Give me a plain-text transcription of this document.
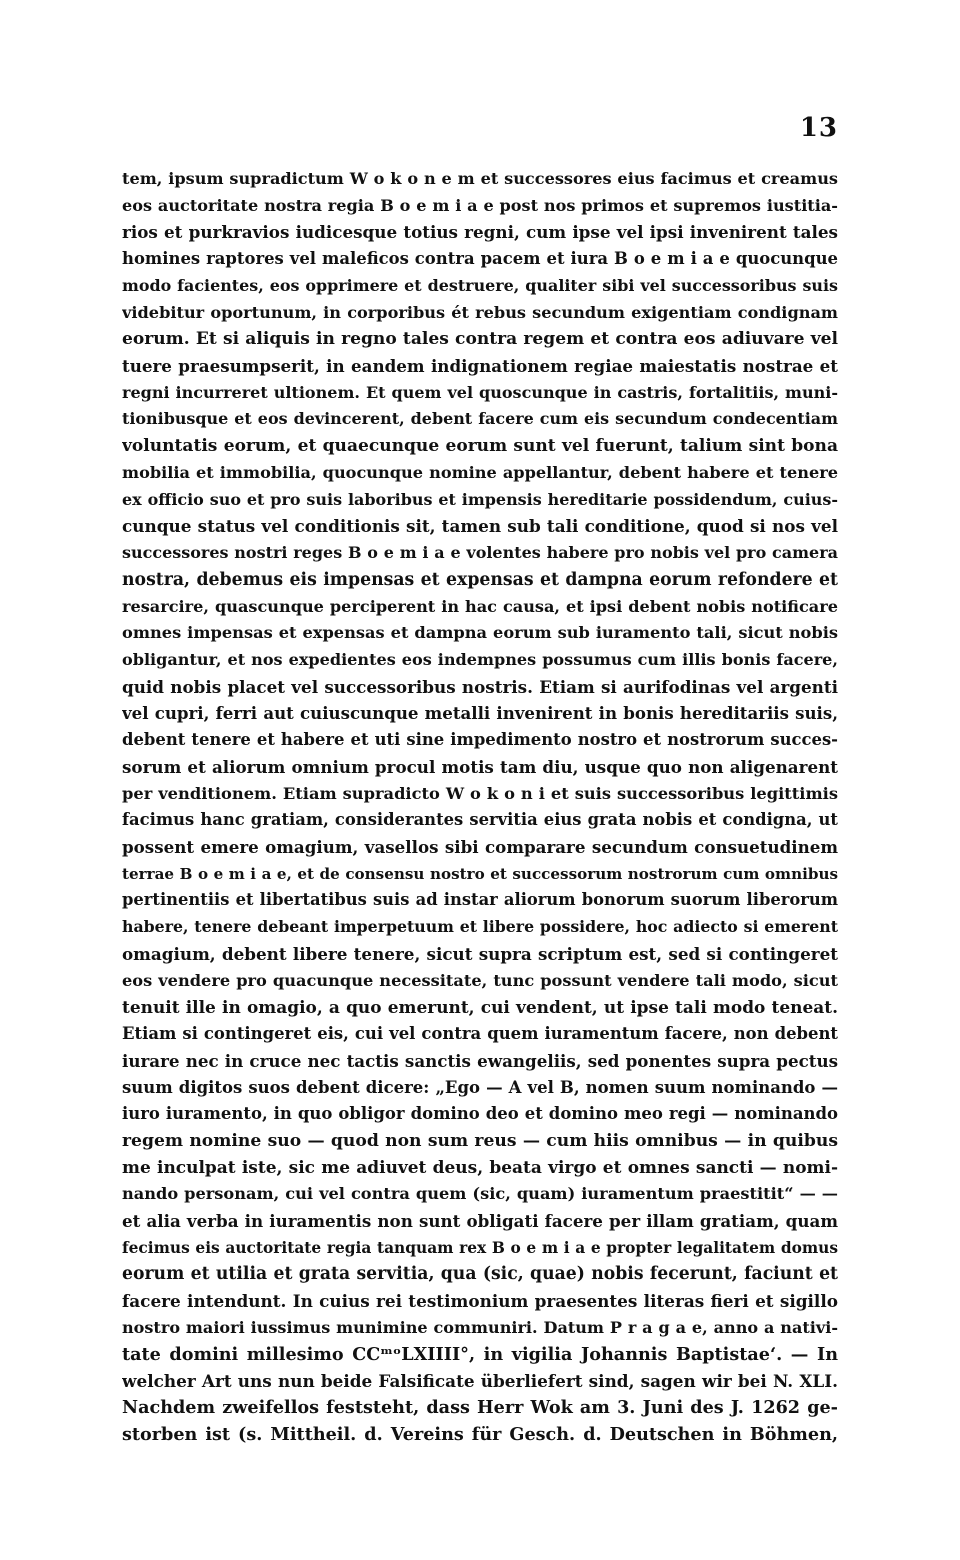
13
tem, ipsum supradictum W o k o n e m et successores eius facimus et creamus
eos auctoritate nostra regia B o e m i a e post nos primos et supremos iustitia-
rios et purkravios iudicesque totius regni, cum ipse vel ipsi invenirent tales
homines raptores vel maleficos contra pacem et iura B o e m i a e quocunque
modo facientes, eos opprimere et destruere, qualiter sibi vel successoribus suis
videbitur oportunum, in corporibus ét rebus secundum exigentiam condignam
eorum. Et si aliquis in regno tales contra regem et contra eos adiuvare vel
tuere praesumpserit, in eandem indignationem regiae maiestatis nostrae et
regni incurreret ultionem. Et quem vel quoscunque in castris, fortalitiis, muni-
tionibusque et eos devincerent, debent facere cum eis secundum condecentiam
voluntatis eorum, et quaecunque eorum sunt vel fuerunt, talium sint bona
mobilia et immobilia, quocunque nomine appellantur, debent habere et tenere
ex officio suo et pro suis laboribus et impensis hereditarie possidendum, cuius-
cunque status vel conditionis sit, tamen sub tali conditione, quod si nos vel
successores nostri reges B o e m i a e volentes habere pro nobis vel pro camera
nostra, debemus eis impensas et expensas et dampna eorum refondere et
resarcire, quascunque perciperent in hac causa, et ipsi debent nobis notificare
omnes impensas et expensas et dampna eorum sub iuramento tali, sicut nobis
obligantur, et nos expedientes eos indempnes possumus cum illis bonis facere,
quid nobis placet vel successoribus nostris. Etiam si aurifodinas vel argenti
vel cupri, ferri aut cuiuscunque metalli invenirent in bonis hereditariis suis,
debent tenere et habere et uti sine impedimento nostro et nostrorum succes-
sorum et aliorum omnium procul motis tam diu, usque quo non aligenarent
per venditionem. Etiam supradicto W o k o n i et suis successoribus legittimis
facimus hanc gratiam, considerantes servitia eius grata nobis et condigna, ut
possent emere omagium, vasellos sibi comparare secundum consuetudinem
terrae B o e m i a e, et de consensu nostro et successorum nostrorum cum omnibus
pertinentiis et libertatibus suis ad instar aliorum bonorum suorum liberorum
habere, tenere debeant imperpetuum et libere possidere, hoc adiecto si emerent
omagium, debent libere tenere, sicut supra scriptum est, sed si contingeret
eos vendere pro quacunque necessitate, tunc possunt vendere tali modo, sicut
tenuit ille in omagio, a quo emerunt, cui vendent, ut ipse tali modo teneat.
Etiam si contingeret eis, cui vel contra quem iuramentum facere, non debent
iurare nec in cruce nec tactis sanctis ewangeliis, sed ponentes supra pectus
suum digitos suos debent dicere: „Ego — A vel B, nomen suum nominando —
iuro iuramento, in quo obligor domino deo et domino meo regi — nominando
regem nomine suo — quod non sum reus — cum hiis omnibus — in quibus
me inculpat iste, sic me adiuvet deus, beata virgo et omnes sancti — nomi-
nando personam, cui vel contra quem (sic, quam) iuramentum praestitit“ — —
et alia verba in iuramentis non sunt obligati facere per illam gratiam, quam
fecimus eis auctoritate regia tanquam rex B o e m i a e propter legalitatem domus
eorum et utilia et grata servitia, qua (sic, quae) nobis fecerunt, faciunt et
facere intendunt. In cuius rei testimonium praesentes literas fieri et sigillo
nostro maiori iussimus munimine communiri. Datum P r a g a e, anno a nativi-
tate domini millesimo CCᵐᵒLXIIII°, in vigilia Johannis Baptistae‘. — In
welcher Art uns nun beide Falsificate überliefert sind, sagen wir bei N. XLI.
Nachdem zweifellos feststeht, dass Herr Wok am 3. Juni des J. 1262 ge-
storben ist (s. Mittheil. d. Vereins für Gesch. d. Deutschen in Böhmen,
